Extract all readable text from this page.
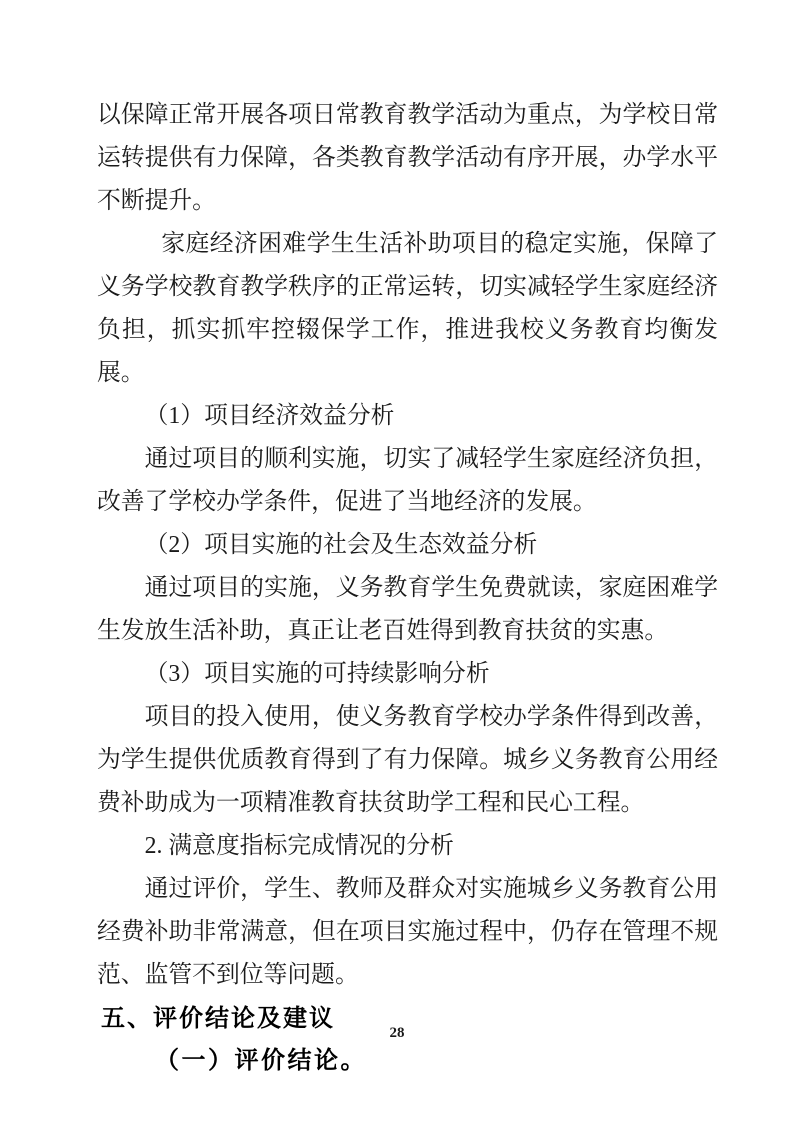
以保障正常开展各项日常教育教学活动为重点，为学校日常运转提供有力保障，各类教育教学活动有序开展，办学水平不断提升。

家庭经济困难学生生活补助项目的稳定实施，保障了义务学校教育教学秩序的正常运转，切实减轻学生家庭经济负担，抓实抓牢控辍保学工作，推进我校义务教育均衡发展。

（1）项目经济效益分析

通过项目的顺利实施，切实了减轻学生家庭经济负担，改善了学校办学条件，促进了当地经济的发展。

（2）项目实施的社会及生态效益分析

通过项目的实施，义务教育学生免费就读，家庭困难学生发放生活补助，真正让老百姓得到教育扶贫的实惠。

（3）项目实施的可持续影响分析

项目的投入使用，使义务教育学校办学条件得到改善，为学生提供优质教育得到了有力保障。城乡义务教育公用经费补助成为一项精准教育扶贫助学工程和民心工程。

2. 满意度指标完成情况的分析

通过评价，学生、教师及群众对实施城乡义务教育公用经费补助非常满意，但在项目实施过程中，仍存在管理不规范、监管不到位等问题。

五、评价结论及建议

（一）评价结论。

28
